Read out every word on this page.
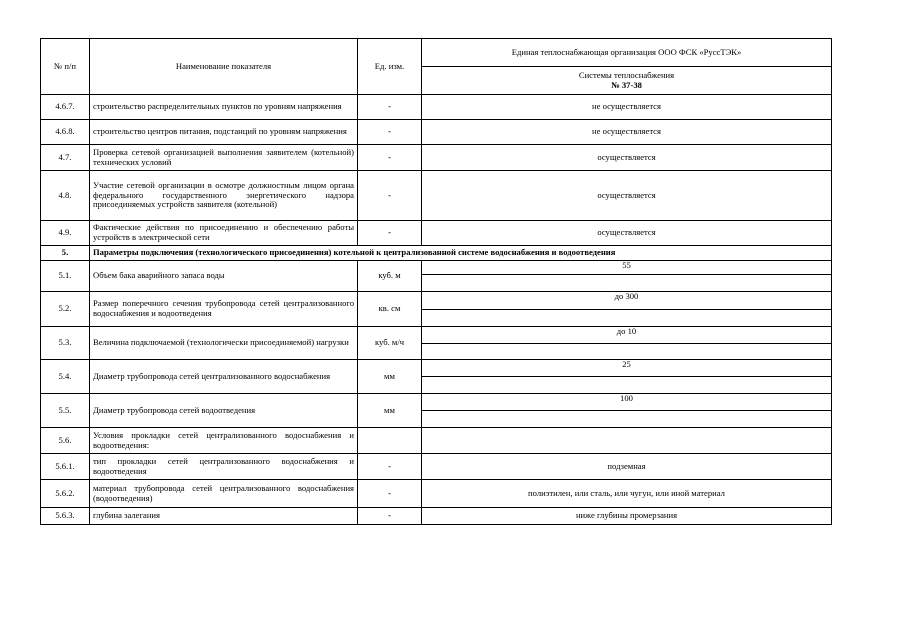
№ п/п	Наименование показателя	Ед. изм.	Единая теплоснабжающая организация ООО ФСК «РуссТЭК»

			Системы теплоснабжения
№ 37-38

4.6.7.	строительство распределительных пунктов по уровням напряжения	-	не осуществляется
4.6.8.	строительство центров питания, подстанций по уровням напряжения	-	не осуществляется
4.7.	Проверка сетевой организацией выполнения заявителем (котельной) технических условий	-	осуществляется
4.8.	Участие сетевой организации в осмотре должностным лицом органа федерального государственного энергетического надзора присоединяемых устройств заявителя (котельной)	-	осуществляется
4.9.	Фактические действия по присоединению и обеспечению работы устройств в электрической сети	-	осуществляется
5.	Параметры подключения (технологического присоединения) котельной к централизованной системе водоснабжения и водоотведения		
5.1.	Объем бака аварийного запаса воды	куб. м	55

5.2.	Размер поперечного сечения трубопровода сетей централизованного водоснабжения и водоотведения	кв. см	до 300

5.3.	Величина подключаемой (технологически присоединяемой) нагрузки	куб. м/ч	до 10

5.4.	Диаметр трубопровода сетей централизованного водоснабжения	мм	25

5.5.	Диаметр трубопровода сетей водоотведения	мм	100

5.6.	Условия прокладки сетей централизованного водоснабжения и водоотведения:		
5.6.1.	тип прокладки сетей централизованного водоснабжения и водоотведения	-	подземная
5.6.2.	материал трубопровода сетей централизованного водоснабжения (водоотведения)	-	полиэтилен, или сталь, или чугун, или иной материал
5.6.3.	глубина залегания	-	ниже глубины промерзания
